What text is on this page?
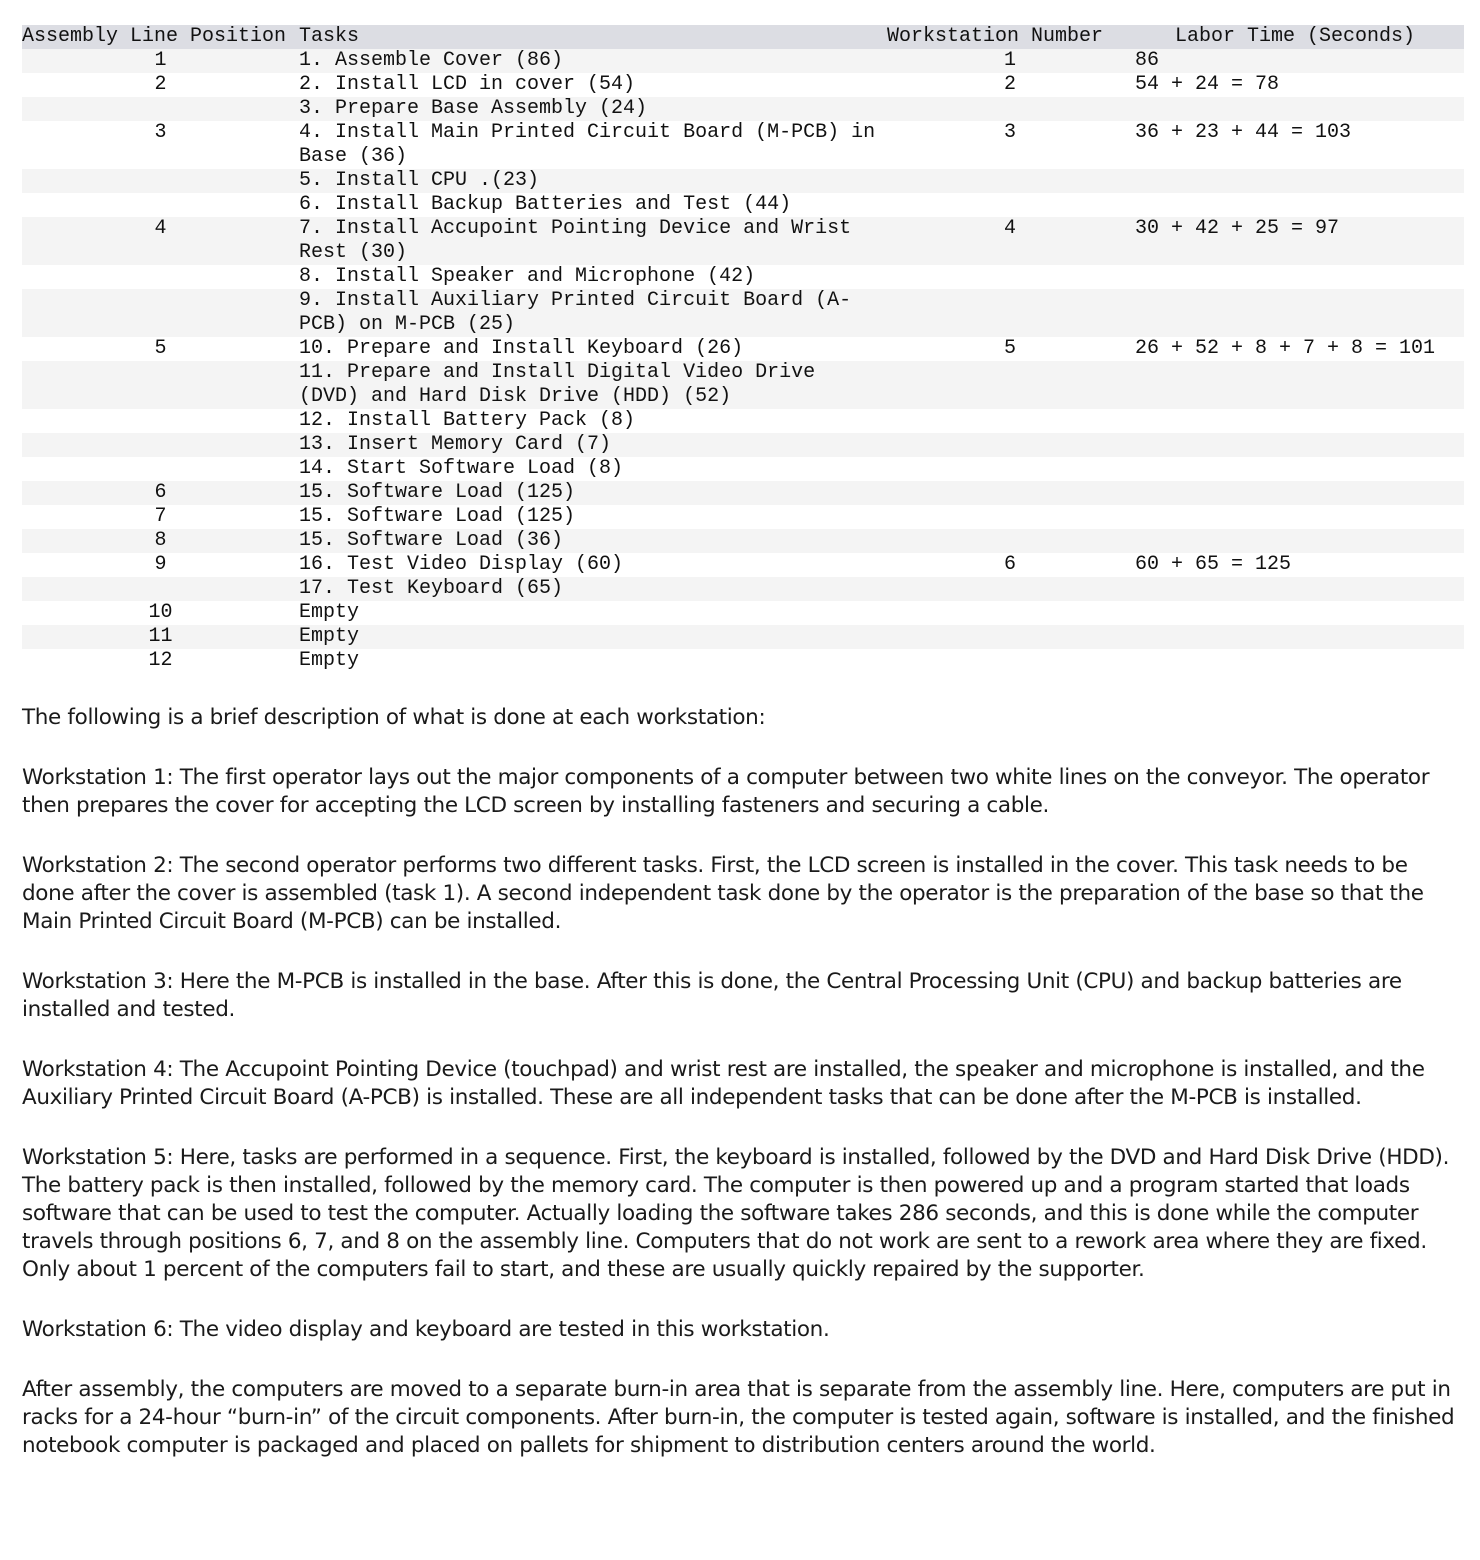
Assembly Line Position	Tasks	Workstation Number	Labor Time (Seconds)
1	1. Assemble Cover (86)	1	86
2	2. Install LCD in cover (54)	2	54 + 24 = 78
	3. Prepare Base Assembly (24)		
3	4. Install Main Printed Circuit Board (M-PCB) in Base (36)	3	36 + 23 + 44 = 103
	5. Install CPU .(23)		
	6. Install Backup Batteries and Test (44)		
4	7. Install Accupoint Pointing Device and Wrist Rest (30)	4	30 + 42 + 25 = 97
	8. Install Speaker and Microphone (42)		
	9. Install Auxiliary Printed Circuit Board (A-PCB) on M-PCB (25)		
5	10. Prepare and Install Keyboard (26)	5	26 + 52 + 8 + 7 + 8 = 101
	11. Prepare and Install Digital Video Drive (DVD) and Hard Disk Drive (HDD) (52)		
	12. Install Battery Pack (8)		
	13. Insert Memory Card (7)		
	14. Start Software Load (8)		
6	15. Software Load (125)		
7	15. Software Load (125)		
8	15. Software Load (36)		
9	16. Test Video Display (60)	6	60 + 65 = 125
	17. Test Keyboard (65)		
10	Empty		
11	Empty		
12	Empty		

The following is a brief description of what is done at each workstation:

Workstation 1: The first operator lays out the major components of a computer between two white lines on the conveyor. The operator then prepares the cover for accepting the LCD screen by installing fasteners and securing a cable.

Workstation 2: The second operator performs two different tasks. First, the LCD screen is installed in the cover. This task needs to be done after the cover is assembled (task 1). A second independent task done by the operator is the preparation of the base so that the Main Printed Circuit Board (M-PCB) can be installed.

Workstation 3: Here the M-PCB is installed in the base. After this is done, the Central Processing Unit (CPU) and backup batteries are installed and tested.

Workstation 4: The Accupoint Pointing Device (touchpad) and wrist rest are installed, the speaker and microphone is installed, and the Auxiliary Printed Circuit Board (A-PCB) is installed. These are all independent tasks that can be done after the M-PCB is installed.

Workstation 5: Here, tasks are performed in a sequence. First, the keyboard is installed, followed by the DVD and Hard Disk Drive (HDD). The battery pack is then installed, followed by the memory card. The computer is then powered up and a program started that loads software that can be used to test the computer. Actually loading the software takes 286 seconds, and this is done while the computer travels through positions 6, 7, and 8 on the assembly line. Computers that do not work are sent to a rework area where they are fixed. Only about 1 percent of the computers fail to start, and these are usually quickly repaired by the supporter.

Workstation 6: The video display and keyboard are tested in this workstation.

After assembly, the computers are moved to a separate burn-in area that is separate from the assembly line. Here, computers are put in racks for a 24-hour “burn-in” of the circuit components. After burn-in, the computer is tested again, software is installed, and the finished notebook computer is packaged and placed on pallets for shipment to distribution centers around the world.
